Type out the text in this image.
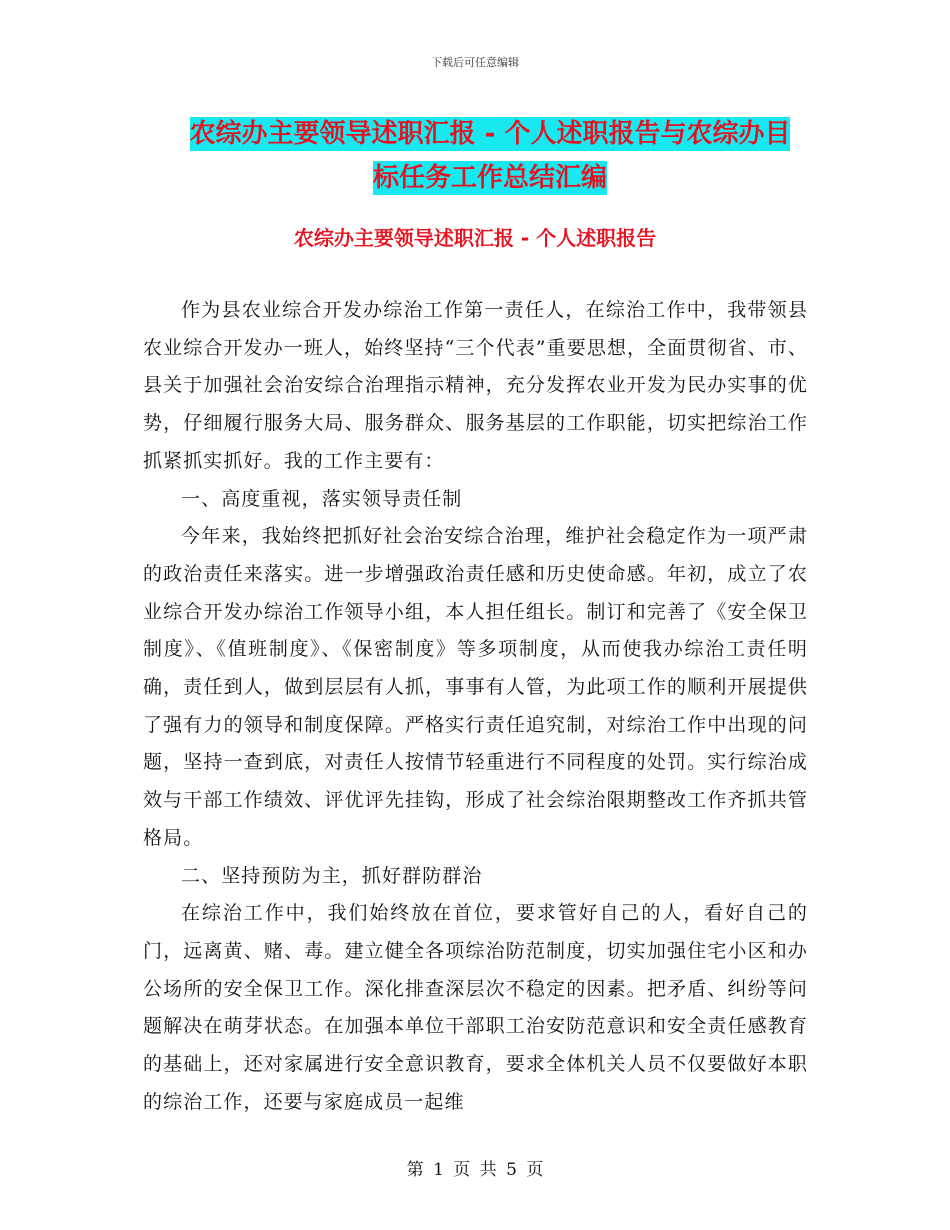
下载后可任意编辑
农综办主要领导述职汇报 - 个人述职报告与农综办目
标任务工作总结汇编
农综办主要领导述职汇报 - 个人述职报告

作为县农业综合开发办综治工作第一责任人，在综治工作中，我带领县农业综合开发办一班人，始终坚持“三个代表”重要思想，全面贯彻省、市、县关于加强社会治安综合治理指示精神，充分发挥农业开发为民办实事的优势，仔细履行服务大局、服务群众、服务基层的工作职能，切实把综治工作抓紧抓实抓好。我的工作主要有：

一、高度重视，落实领导责任制

今年来，我始终把抓好社会治安综合治理，维护社会稳定作为一项严肃的政治责任来落实。进一步增强政治责任感和历史使命感。年初，成立了农业综合开发办综治工作领导小组，本人担任组长。制订和完善了《安全保卫制度》、《值班制度》、《保密制度》等多项制度，从而使我办综治工责任明确，责任到人，做到层层有人抓，事事有人管，为此项工作的顺利开展提供了强有力的领导和制度保障。严格实行责任追究制，对综治工作中出现的问题，坚持一查到底，对责任人按情节轻重进行不同程度的处罚。实行综治成效与干部工作绩效、评优评先挂钩，形成了社会综治限期整改工作齐抓共管格局。

二、坚持预防为主，抓好群防群治

在综治工作中，我们始终放在首位，要求管好自己的人，看好自己的门，远离黄、赌、毒。建立健全各项综治防范制度，切实加强住宅小区和办公场所的安全保卫工作。深化排查深层次不稳定的因素。把矛盾、纠纷等问题解决在萌芽状态。在加强本单位干部职工治安防范意识和安全责任感教育的基础上，还对家属进行安全意识教育，要求全体机关人员不仅要做好本职的综治工作，还要与家庭成员一起维

第 1 页 共 5 页
